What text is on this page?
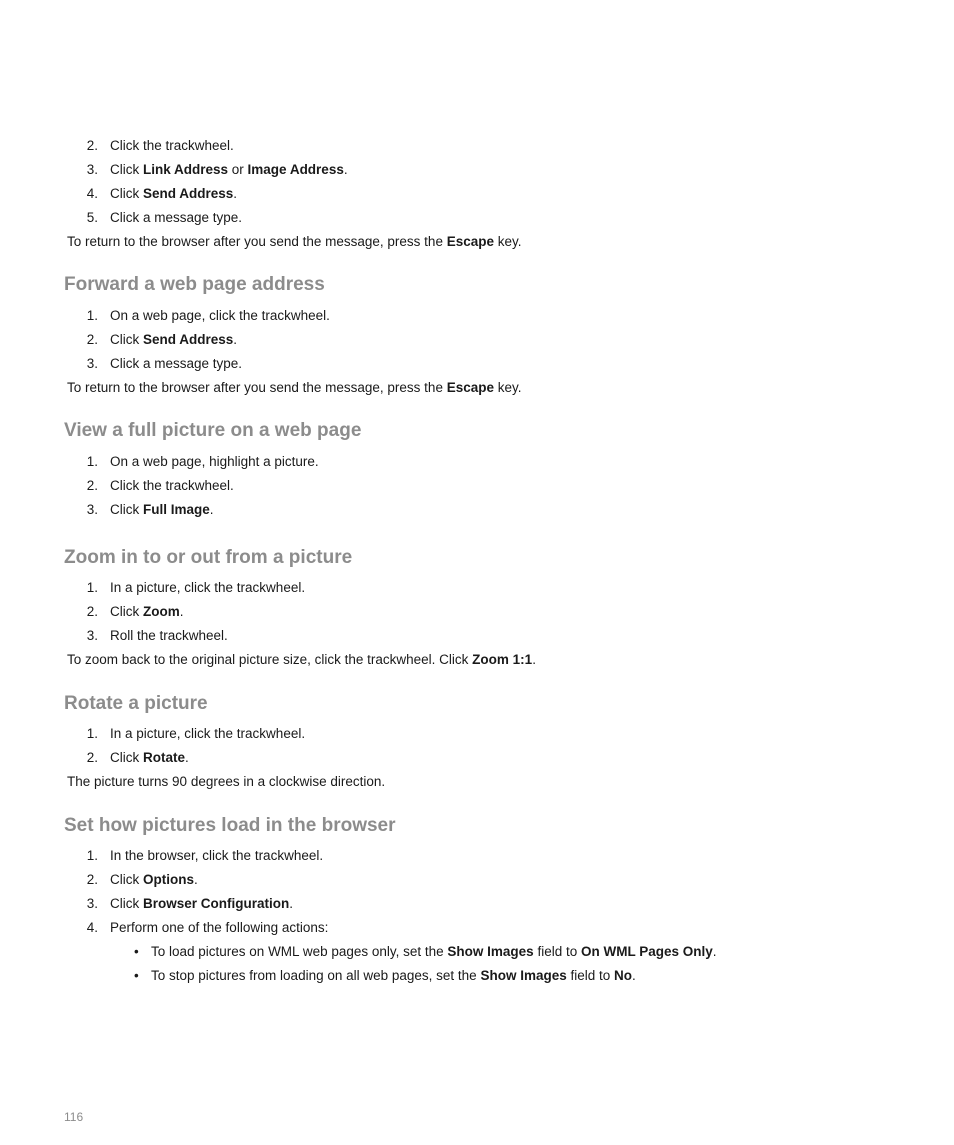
2. Click the trackwheel.
3. Click Link Address or Image Address.
4. Click Send Address.
5. Click a message type.
To return to the browser after you send the message, press the Escape key.
Forward a web page address
1. On a web page, click the trackwheel.
2. Click Send Address.
3. Click a message type.
To return to the browser after you send the message, press the Escape key.
View a full picture on a web page
1. On a web page, highlight a picture.
2. Click the trackwheel.
3. Click Full Image.
Zoom in to or out from a picture
1. In a picture, click the trackwheel.
2. Click Zoom.
3. Roll the trackwheel.
To zoom back to the original picture size, click the trackwheel. Click Zoom 1:1.
Rotate a picture
1. In a picture, click the trackwheel.
2. Click Rotate.
The picture turns 90 degrees in a clockwise direction.
Set how pictures load in the browser
1. In the browser, click the trackwheel.
2. Click Options.
3. Click Browser Configuration.
4. Perform one of the following actions:
• To load pictures on WML web pages only, set the Show Images field to On WML Pages Only.
• To stop pictures from loading on all web pages, set the Show Images field to No.
116
